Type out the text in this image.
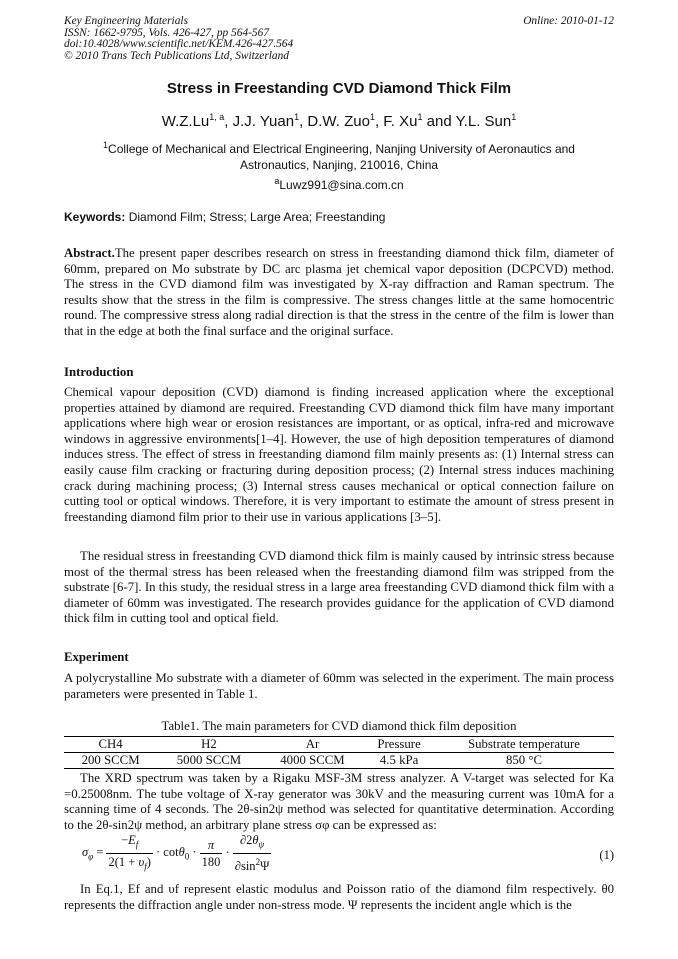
Key Engineering Materials
ISSN: 1662-9795, Vols. 426-427, pp 564-567
doi:10.4028/www.scientific.net/KEM.426-427.564
© 2010 Trans Tech Publications Ltd, Switzerland
Online: 2010-01-12
Stress in Freestanding CVD Diamond Thick Film
W.Z.Lu$^{1, a}$, J.J. Yuan$^1$, D.W. Zuo$^1$, F. Xu$^1$ and Y.L. Sun$^1$
$^1$College of Mechanical and Electrical Engineering, Nanjing University of Aeronautics and Astronautics, Nanjing, 210016, China
$^a$Luwz991@sina.com.cn
Keywords: Diamond Film; Stress; Large Area; Freestanding
Abstract.The present paper describes research on stress in freestanding diamond thick film, diameter of 60mm, prepared on Mo substrate by DC arc plasma jet chemical vapor deposition (DCPCVD) method. The stress in the CVD diamond film was investigated by X-ray diffraction and Raman spectrum. The results show that the stress in the film is compressive. The stress changes little at the same homocentric round. The compressive stress along radial direction is that the stress in the centre of the film is lower than that in the edge at both the final surface and the original surface.
Introduction
Chemical vapour deposition (CVD) diamond is finding increased application where the exceptional properties attained by diamond are required. Freestanding CVD diamond thick film have many important applications where high wear or erosion resistances are important, or as optical, infra-red and microwave windows in aggressive environments[1–4]. However, the use of high deposition temperatures of diamond induces stress. The effect of stress in freestanding diamond film mainly presents as: (1) Internal stress can easily cause film cracking or fracturing during deposition process; (2) Internal stress induces machining crack during machining process; (3) Internal stress causes mechanical or optical connection failure on cutting tool or optical windows. Therefore, it is very important to estimate the amount of stress present in freestanding diamond film prior to their use in various applications [3–5].
The residual stress in freestanding CVD diamond thick film is mainly caused by intrinsic stress because most of the thermal stress has been released when the freestanding diamond film was stripped from the substrate [6-7]. In this study, the residual stress in a large area freestanding CVD diamond thick film with a diameter of 60mm was investigated. The research provides guidance for the application of CVD diamond thick film in cutting tool and optical field.
Experiment
A polycrystalline Mo substrate with a diameter of 60mm was selected in the experiment. The main process parameters were presented in Table 1.
Table1. The main parameters for CVD diamond thick film deposition
CH4	H2	Ar	Pressure	Substrate temperature
200 SCCM	5000 SCCM	4000 SCCM	4.5 kPa	850 °C
The XRD spectrum was taken by a Rigaku MSF-3M stress analyzer. A V-target was selected for Ka =0.25008nm. The tube voltage of X-ray generator was 30kV and the measuring current was 10mA for a scanning time of 4 seconds. The 2θ-sin2ψ method was selected for quantitative determination. According to the 2θ-sin2ψ method, an arbitrary plane stress σφ can be expressed as:
$\sigma_\varphi = \frac{-E_f}{2(1 + \upsilon_f)} \cdot \cot\theta_0 \cdot \frac{\pi}{180} \cdot \frac{\partial 2\theta_\psi}{\partial\sin^2\Psi}$	(1)
In Eq.1, Ef and υf represent elastic modulus and Poisson ratio of the diamond film respectively. θ0 represents the diffraction angle under non-stress mode. Ψ represents the incident angle which is the
